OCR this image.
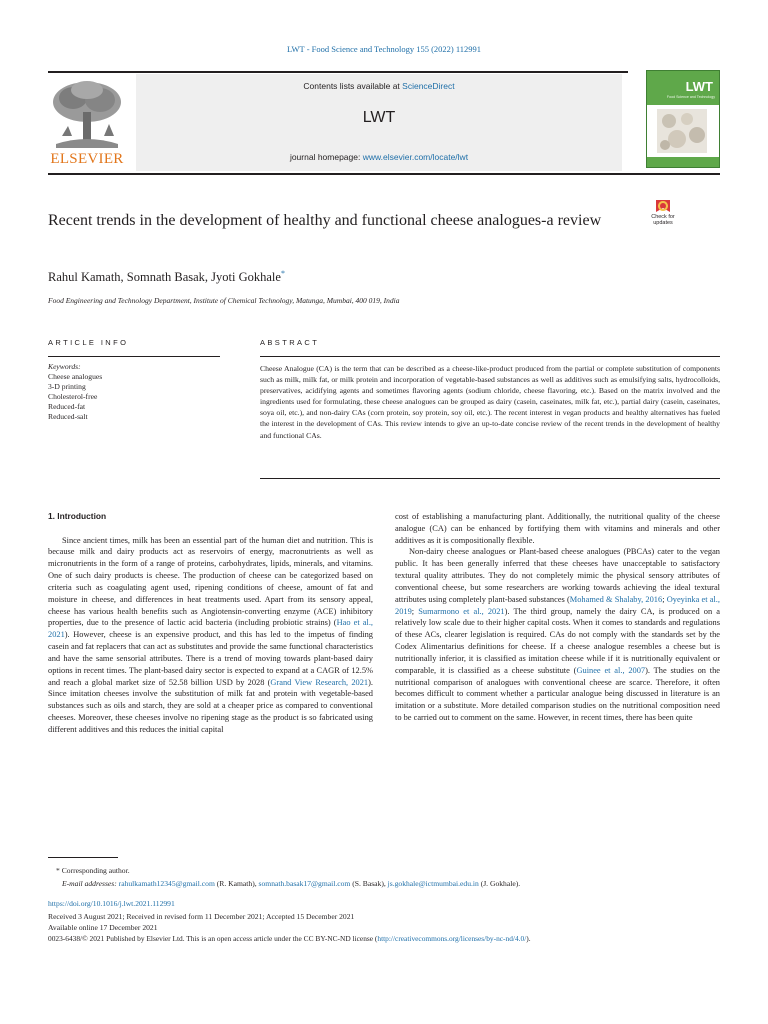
LWT - Food Science and Technology 155 (2022) 112991
ELSEVIER
Contents lists available at ScienceDirect
LWT
journal homepage: www.elsevier.com/locate/lwt
LWT
Food Science and Technology
Recent trends in the development of healthy and functional cheese analogues-a review	Check for
updates
Rahul Kamath, Somnath Basak, Jyoti Gokhale*
Food Engineering and Technology Department, Institute of Chemical Technology, Matunga, Mumbai, 400 019, India
ARTICLE INFO	ABSTRACT
Keywords:
Cheese analogues
3-D printing
Cholesterol-free
Reduced-fat
Reduced-salt
Cheese Analogue (CA) is the term that can be described as a cheese-like-product produced from the partial or complete substitution of components such as milk, milk fat, or milk protein and incorporation of vegetable-based substances as well as additives such as emulsifying salts, hydrocolloids, preservatives, acidifying agents and sometimes flavoring agents (sodium chloride, cheese flavoring, etc.). Based on the matrix involved and the ingredients used for formulating, these cheese analogues can be grouped as dairy (casein, caseinates, milk fat, etc.), partial dairy (casein, caseinates, soya oil, etc.), and non-dairy CAs (corn protein, soy protein, soy oil, etc.). The recent interest in vegan products and healthy alternatives has fueled the interest in the development of CAs. This review intends to give an up-to-date concise review of the recent trends in the development of healthy and functional CAs.
1. Introduction

Since ancient times, milk has been an essential part of the human diet and nutrition. This is because milk and dairy products act as reservoirs of energy, macronutrients as well as micronutrients in the form of a range of proteins, carbohydrates, lipids, minerals, and vitamins. One of such dairy products is cheese. The production of cheese can be categorized based on criteria such as coagulating agent used, ripening conditions of cheese, amount of fat and moisture in cheese, and differences in heat treatments used. Apart from its sensory appeal, cheese has various health benefits such as Angiotensin-converting enzyme (ACE) inhibitory properties, due to the presence of lactic acid bacteria (including probiotic strains) (Hao et al., 2021). However, cheese is an expensive product, and this has led to the impetus of finding casein and fat replacers that can act as substitutes and provide the same functional characteristics and have the same sensorial attributes. There is a trend of moving towards plant-based dairy options in recent times. The plant-based dairy sector is expected to expand at a CAGR of 12.5% and reach a global market size of 52.58 billion USD by 2028 (Grand View Research, 2021). Since imitation cheeses involve the substitution of milk fat and protein with vegetable-based substances such as oils and starch, they are sold at a cheaper price as compared to conventional cheeses. Moreover, these cheeses involve no ripening stage as the product is so fabricated using different additives and this reduces the initial capital

cost of establishing a manufacturing plant. Additionally, the nutritional quality of the cheese analogue (CA) can be enhanced by fortifying them with vitamins and minerals and other additives as it is compositionally flexible.

Non-dairy cheese analogues or Plant-based cheese analogues (PBCAs) cater to the vegan public. It has been generally inferred that these cheeses have unacceptable to satisfactory textural quality attributes. They do not completely mimic the physical sensory attributes of conventional cheese, but some researchers are working towards achieving the ideal textural attributes using completely plant-based substances (Mohamed & Shalaby, 2016; Oyeyinka et al., 2019; Sumarmono et al., 2021). The third group, namely the dairy CA, is produced on a relatively low scale due to their higher capital costs. When it comes to standards and regulations of these ACs, clearer legislation is required. CAs do not comply with the standards set by the Codex Alimentarius definitions for cheese. If a cheese analogue resembles a cheese but is nutritionally inferior, it is classified as imitation cheese while if it is nutritionally equivalent or comparable, it is classified as a cheese substitute (Guinee et al., 2007). The studies on the nutritional comparison of analogues with conventional cheese are scarce. Therefore, it often becomes difficult to comment whether a particular analogue being discussed in literature is an imitation or a substitute. More detailed comparison studies on the nutritional composition need to be carried out to comment on the same. However, in recent times, there has been quite

* Corresponding author.
E-mail addresses: rahulkamath12345@gmail.com (R. Kamath), somnath.basak17@gmail.com (S. Basak), js.gokhale@ictmumbai.edu.in (J. Gokhale).
https://doi.org/10.1016/j.lwt.2021.112991
Received 3 August 2021; Received in revised form 11 December 2021; Accepted 15 December 2021
Available online 17 December 2021
0023-6438/© 2021 Published by Elsevier Ltd. This is an open access article under the CC BY-NC-ND license (http://creativecommons.org/licenses/by-nc-nd/4.0/).
